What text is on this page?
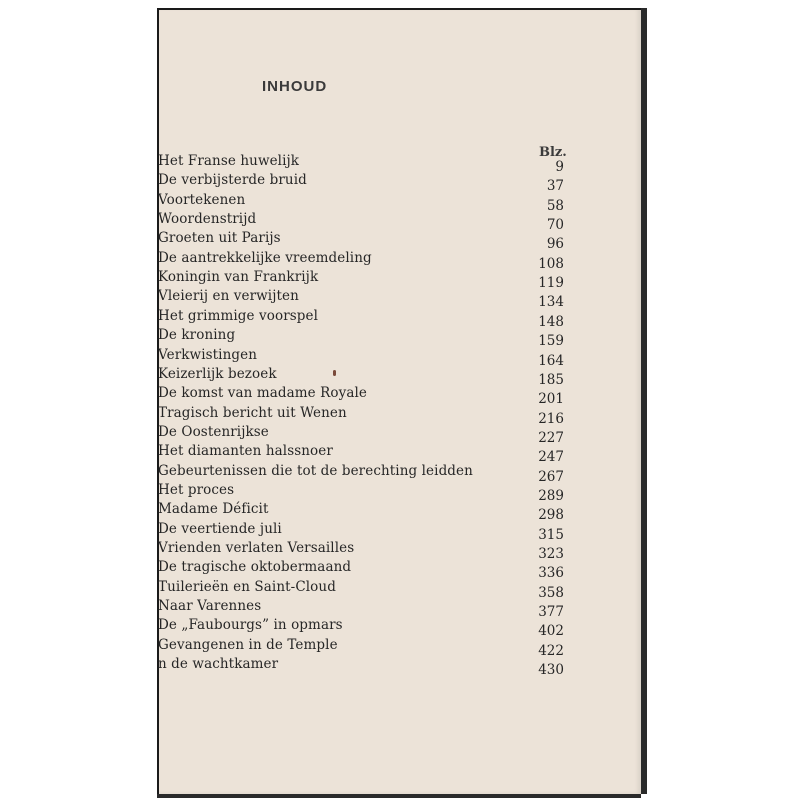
INHOUD
Blz.
Het Franse huwelijk	9
De verbijsterde bruid	37
Voortekenen	58
Woordenstrijd	70
Groeten uit Parijs	96
De aantrekkelijke vreemdeling	108
Koningin van Frankrijk	119
Vleierij en verwijten	134
Het grimmige voorspel	148
De kroning	159
Verkwistingen	164
Keizerlijk bezoek	185
De komst van madame Royale	201
Tragisch bericht uit Wenen	216
De Oostenrijkse	227
Het diamanten halssnoer	247
Gebeurtenissen die tot de berechting leidden	267
Het proces	289
Madame Déficit	298
De veertiende juli	315
Vrienden verlaten Versailles	323
De tragische oktobermaand	336
Tuilerieën en Saint-Cloud	358
Naar Varennes	377
De „Faubourgs” in opmars	402
Gevangenen in de Temple	422
n de wachtkamer	430
